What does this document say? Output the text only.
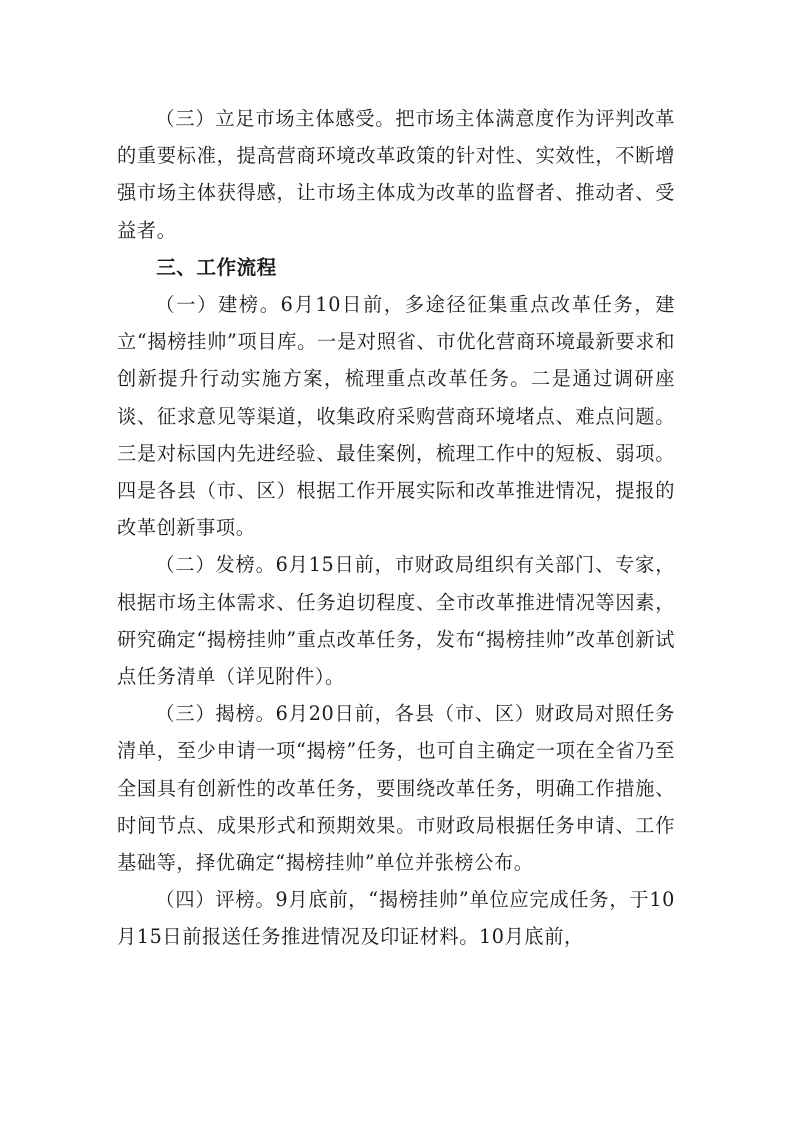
（三）立足市场主体感受。把市场主体满意度作为评判改革的重要标准，提高营商环境改革政策的针对性、实效性，不断增强市场主体获得感，让市场主体成为改革的监督者、推动者、受益者。

三、工作流程

（一）建榜。6月10日前，多途径征集重点改革任务，建立“揭榜挂帅”项目库。一是对照省、市优化营商环境最新要求和创新提升行动实施方案，梳理重点改革任务。二是通过调研座谈、征求意见等渠道，收集政府采购营商环境堵点、难点问题。三是对标国内先进经验、最佳案例，梳理工作中的短板、弱项。四是各县（市、区）根据工作开展实际和改革推进情况，提报的改革创新事项。

（二）发榜。6月15日前，市财政局组织有关部门、专家，根据市场主体需求、任务迫切程度、全市改革推进情况等因素，研究确定“揭榜挂帅”重点改革任务，发布“揭榜挂帅”改革创新试点任务清单（详见附件）。

（三）揭榜。6月20日前，各县（市、区）财政局对照任务清单，至少申请一项“揭榜”任务，也可自主确定一项在全省乃至全国具有创新性的改革任务，要围绕改革任务，明确工作措施、时间节点、成果形式和预期效果。市财政局根据任务申请、工作基础等，择优确定“揭榜挂帅”单位并张榜公布。

（四）评榜。9月底前，“揭榜挂帅”单位应完成任务，于10月15日前报送任务推进情况及印证材料。10月底前，
